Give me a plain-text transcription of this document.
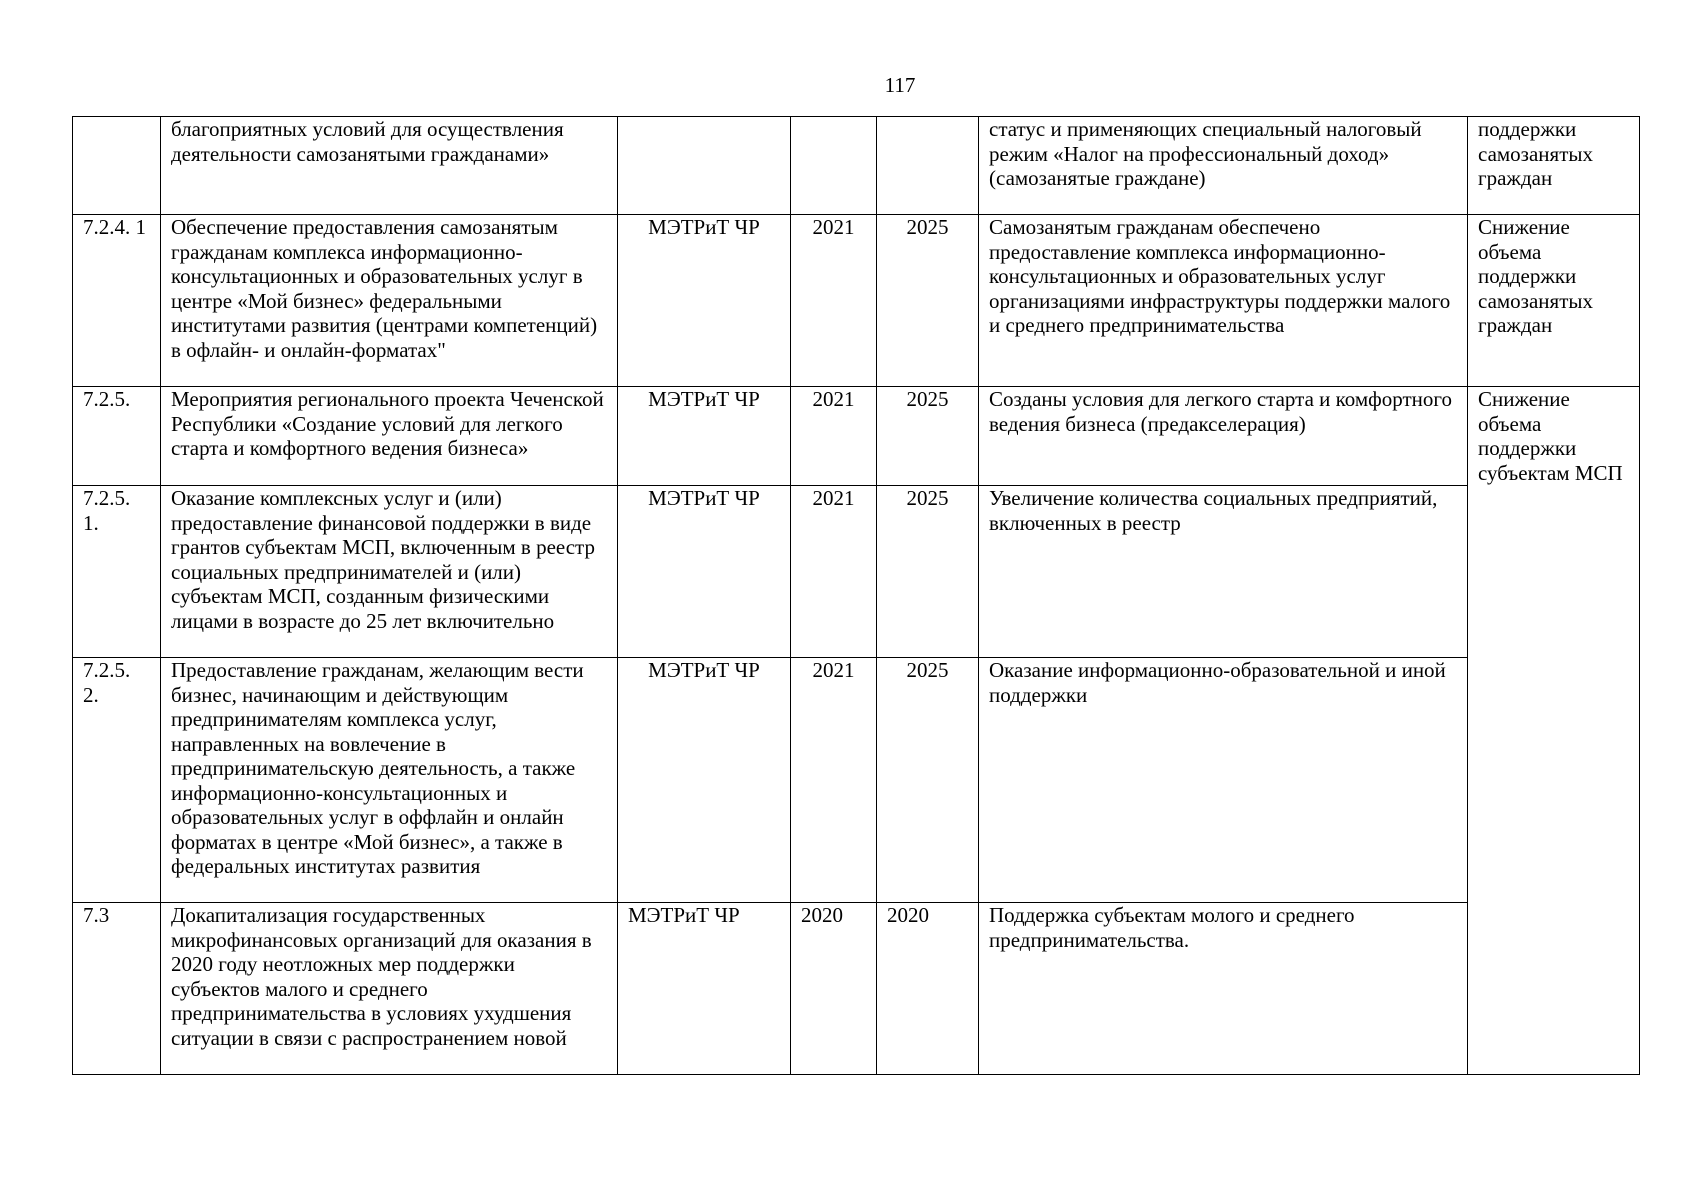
117
	благоприятных условий для осуществления деятельности самозанятыми гражданами»				статус и применяющих специальный налоговый режим «Налог на профессиональный доход» (самозанятые граждане)	поддержки самозанятых граждан
7.2.4. 1	Обеспечение предоставления самозанятым гражданам комплекса информационно-консультационных и образовательных услуг в центре «Мой бизнес» федеральными институтами развития (центрами компетенций) в офлайн- и онлайн-форматах"	МЭТРиТ ЧР	2021	2025	Самозанятым гражданам обеспечено предоставление комплекса информационно-консультационных и образовательных услуг организациями инфраструктуры поддержки малого и среднего предпринимательства	Снижение объема поддержки самозанятых граждан
7.2.5.	Мероприятия регионального проекта Чеченской Республики «Создание условий для легкого старта и комфортного ведения бизнеса»	МЭТРиТ ЧР	2021	2025	Созданы условия для легкого старта и комфортного ведения бизнеса (предакселерация)	Снижение объема поддержки субъектам МСП
7.2.5. 1.	Оказание комплексных услуг и (или) предоставление финансовой поддержки в виде грантов субъектам МСП, включенным в реестр социальных предпринимателей и (или) субъектам МСП, созданным физическими лицами в возрасте до 25 лет включительно	МЭТРиТ ЧР	2021	2025	Увеличение количества социальных предприятий, включенных в реестр	
7.2.5. 2.	Предоставление гражданам, желающим вести бизнес, начинающим и действующим предпринимателям комплекса услуг, направленных на вовлечение в предпринимательскую деятельность, а также информационно-консультационных и образовательных услуг в оффлайн и онлайн форматах в центре «Мой бизнес», а также в федеральных институтах развития	МЭТРиТ ЧР	2021	2025	Оказание информационно-образовательной и иной поддержки	
7.3	Докапитализация государственных микрофинансовых организаций для оказания в 2020 году неотложных мер поддержки субъектов малого и среднего предпринимательства в условиях ухудшения ситуации в связи с распространением новой	МЭТРиТ ЧР	2020	2020	Поддержка субъектам молого и среднего предпринимательства.	
